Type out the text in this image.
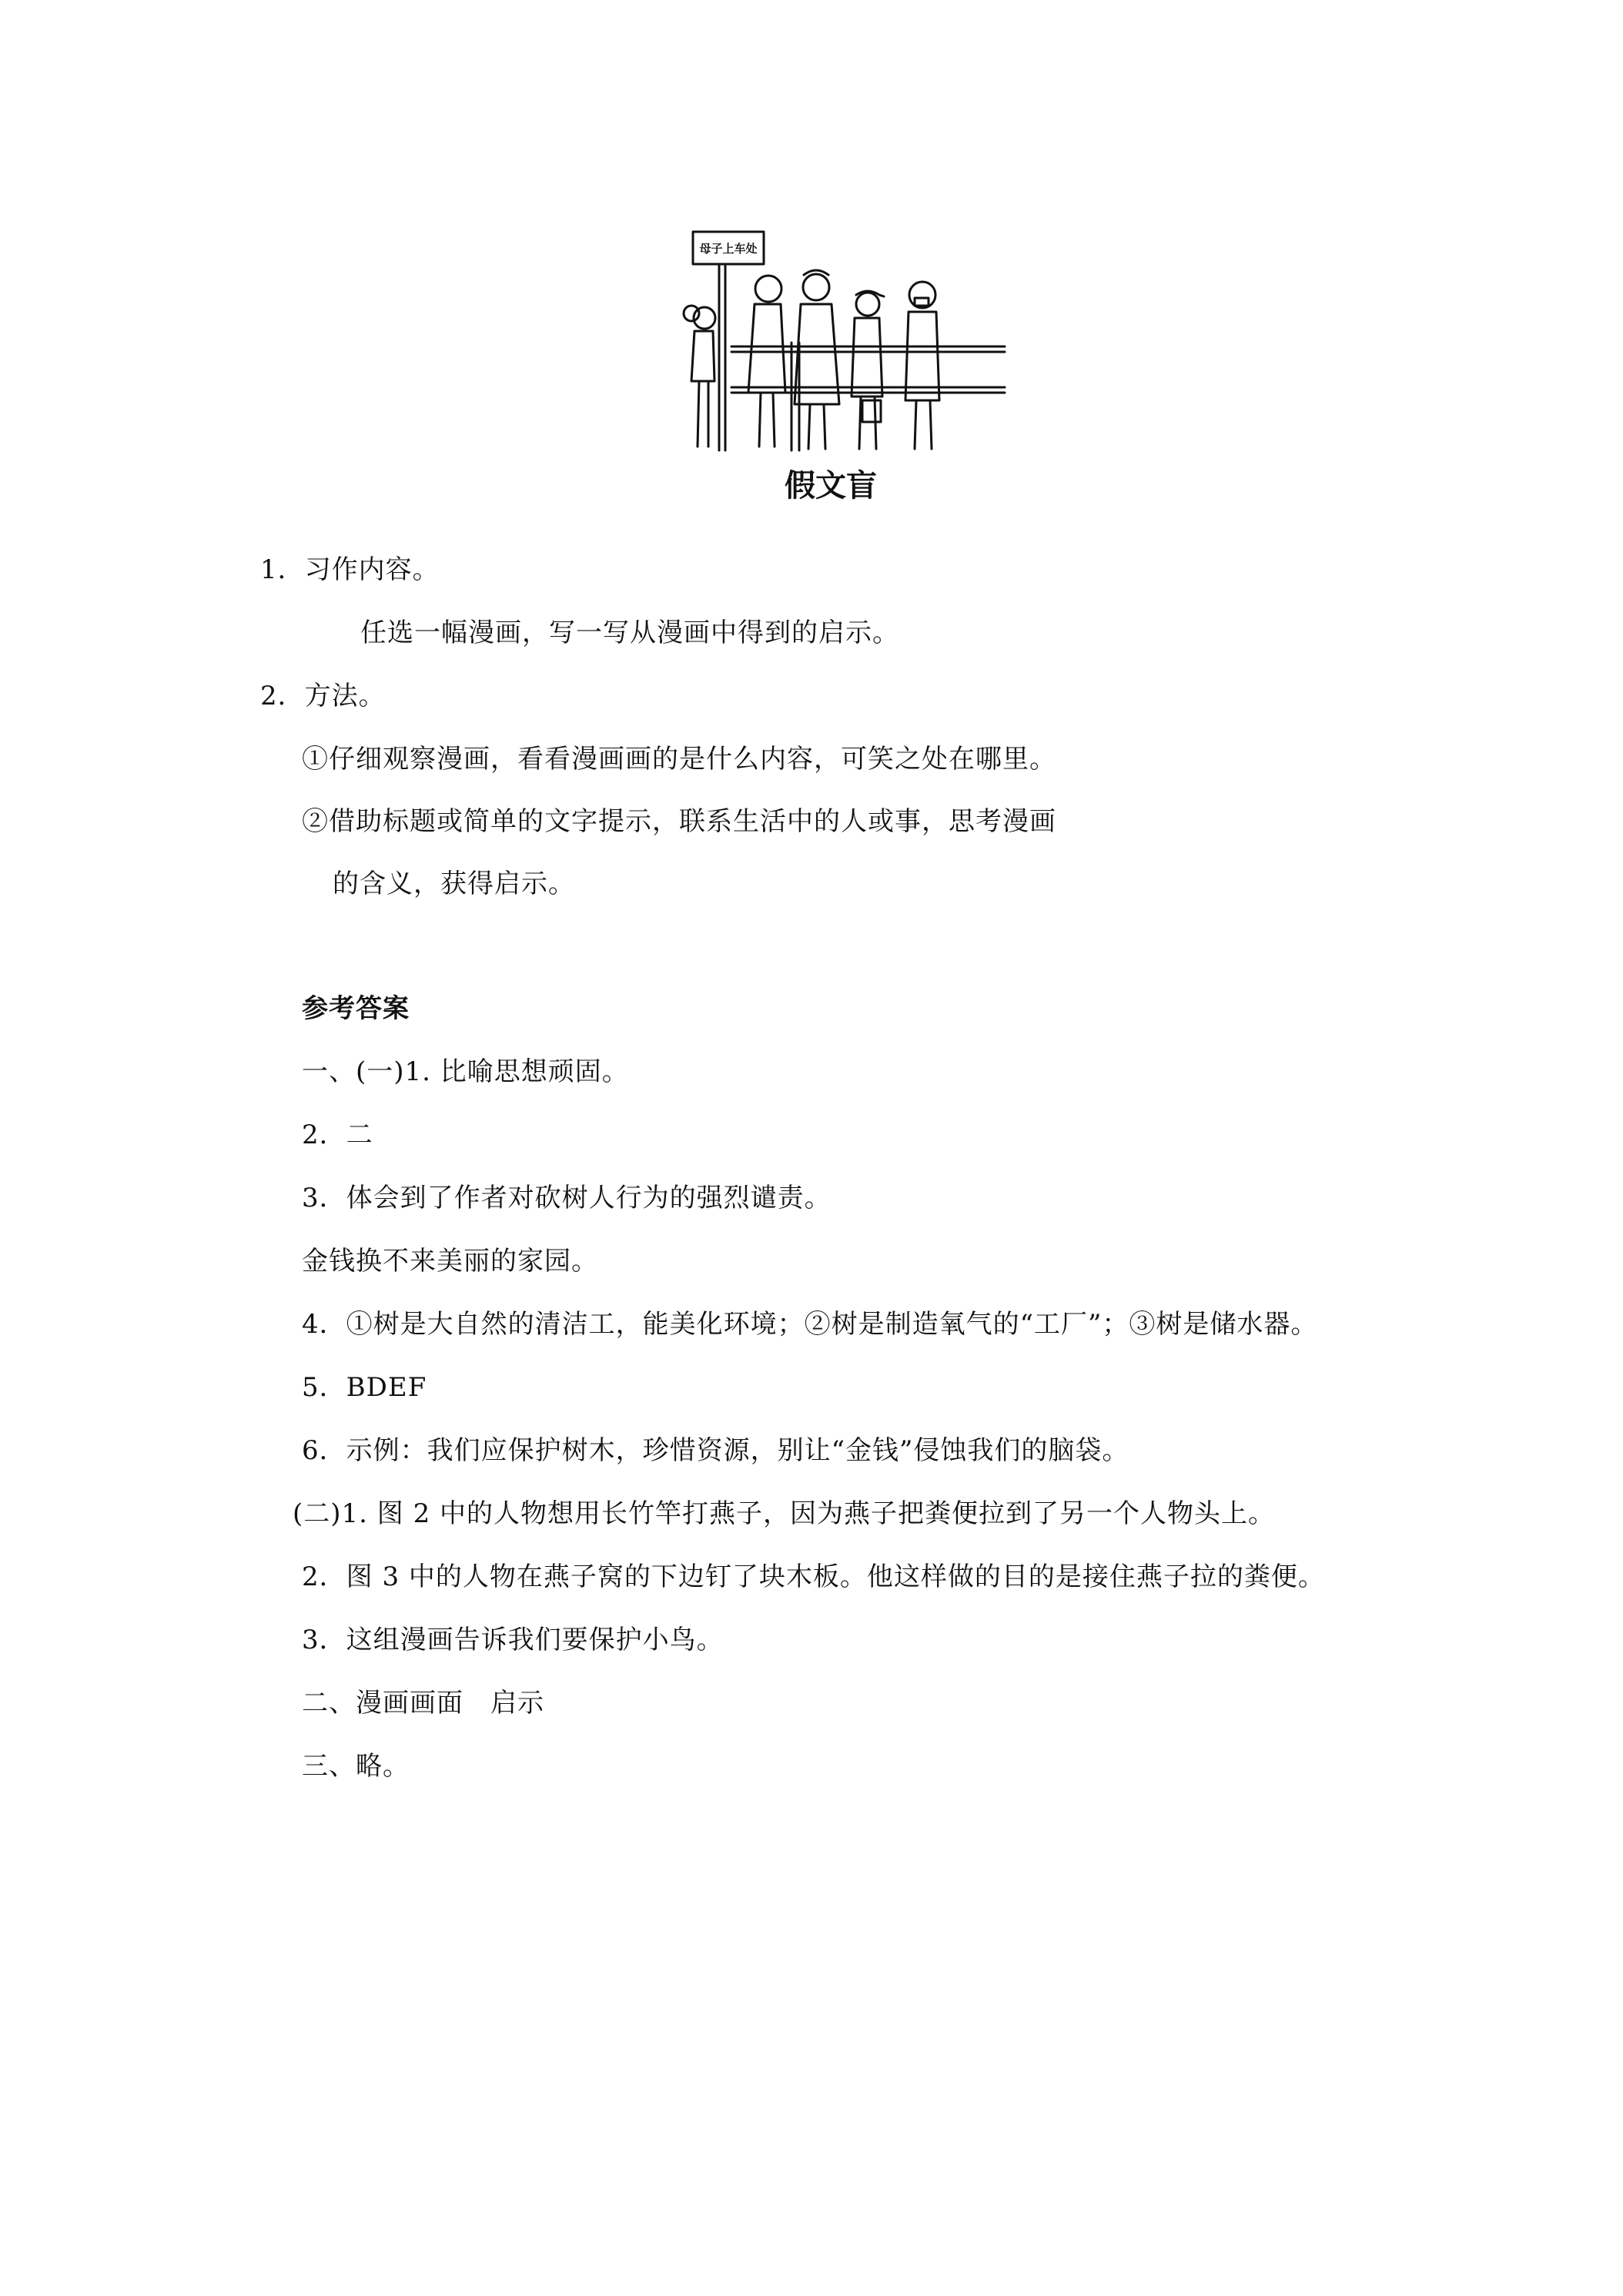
母子上车处
假文盲
1．习作内容。
任选一幅漫画，写一写从漫画中得到的启示。
2．方法。
①仔细观察漫画，看看漫画画的是什么内容，可笑之处在哪里。
②借助标题或简单的文字提示，联系生活中的人或事，思考漫画
的含义，获得启示。
参考答案
一、(一)1. 比喻思想顽固。
2．二
3．体会到了作者对砍树人行为的强烈谴责。
金钱换不来美丽的家园。
4．①树是大自然的清洁工，能美化环境；②树是制造氧气的“工厂”；③树是储水器。
5．BDEF
6．示例：我们应保护树木，珍惜资源，别让“金钱”侵蚀我们的脑袋。
(二)1. 图 2 中的人物想用长竹竿打燕子，因为燕子把粪便拉到了另一个人物头上。
2．图 3 中的人物在燕子窝的下边钉了块木板。他这样做的目的是接住燕子拉的粪便。
3．这组漫画告诉我们要保护小鸟。
二、漫画画面　启示
三、略。
